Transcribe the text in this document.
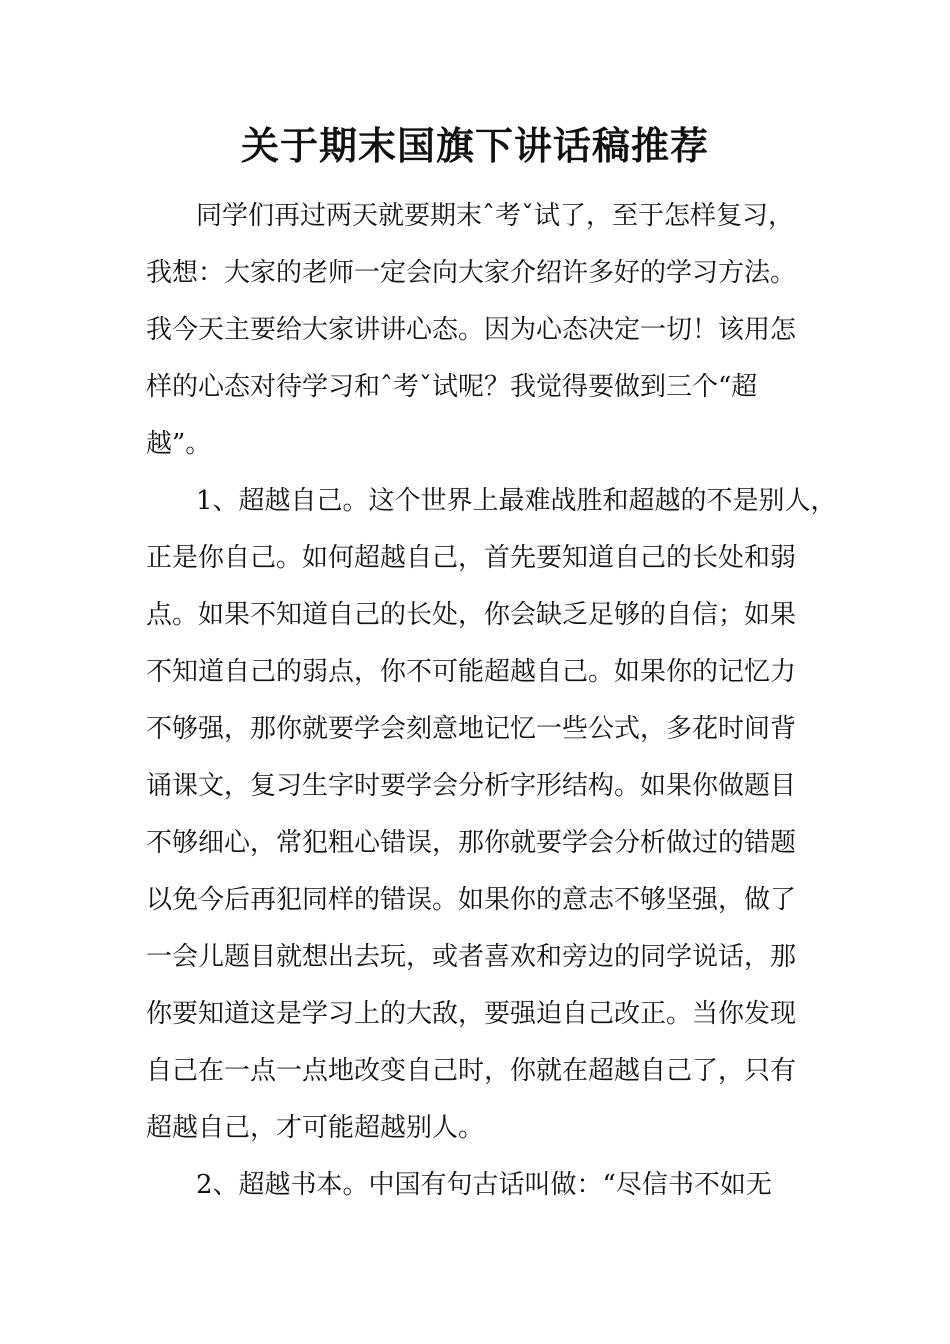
关于期末国旗下讲话稿推荐
同学们再过两天就要期末ˆ考ˇ试了，至于怎样复习，
我想：大家的老师一定会向大家介绍许多好的学习方法。
我今天主要给大家讲讲心态。因为心态决定一切！该用怎
样的心态对待学习和ˆ考ˇ试呢？我觉得要做到三个“超
越”。
1、超越自己。这个世界上最难战胜和超越的不是别人，
正是你自己。如何超越自己，首先要知道自己的长处和弱
点。如果不知道自己的长处，你会缺乏足够的自信；如果
不知道自己的弱点，你不可能超越自己。如果你的记忆力
不够强，那你就要学会刻意地记忆一些公式，多花时间背
诵课文，复习生字时要学会分析字形结构。如果你做题目
不够细心，常犯粗心错误，那你就要学会分析做过的错题
以免今后再犯同样的错误。如果你的意志不够坚强，做了
一会儿题目就想出去玩，或者喜欢和旁边的同学说话，那
你要知道这是学习上的大敌，要强迫自己改正。当你发现
自己在一点一点地改变自己时，你就在超越自己了，只有
超越自己，才可能超越别人。
2、超越书本。中国有句古话叫做：“尽信书不如无
